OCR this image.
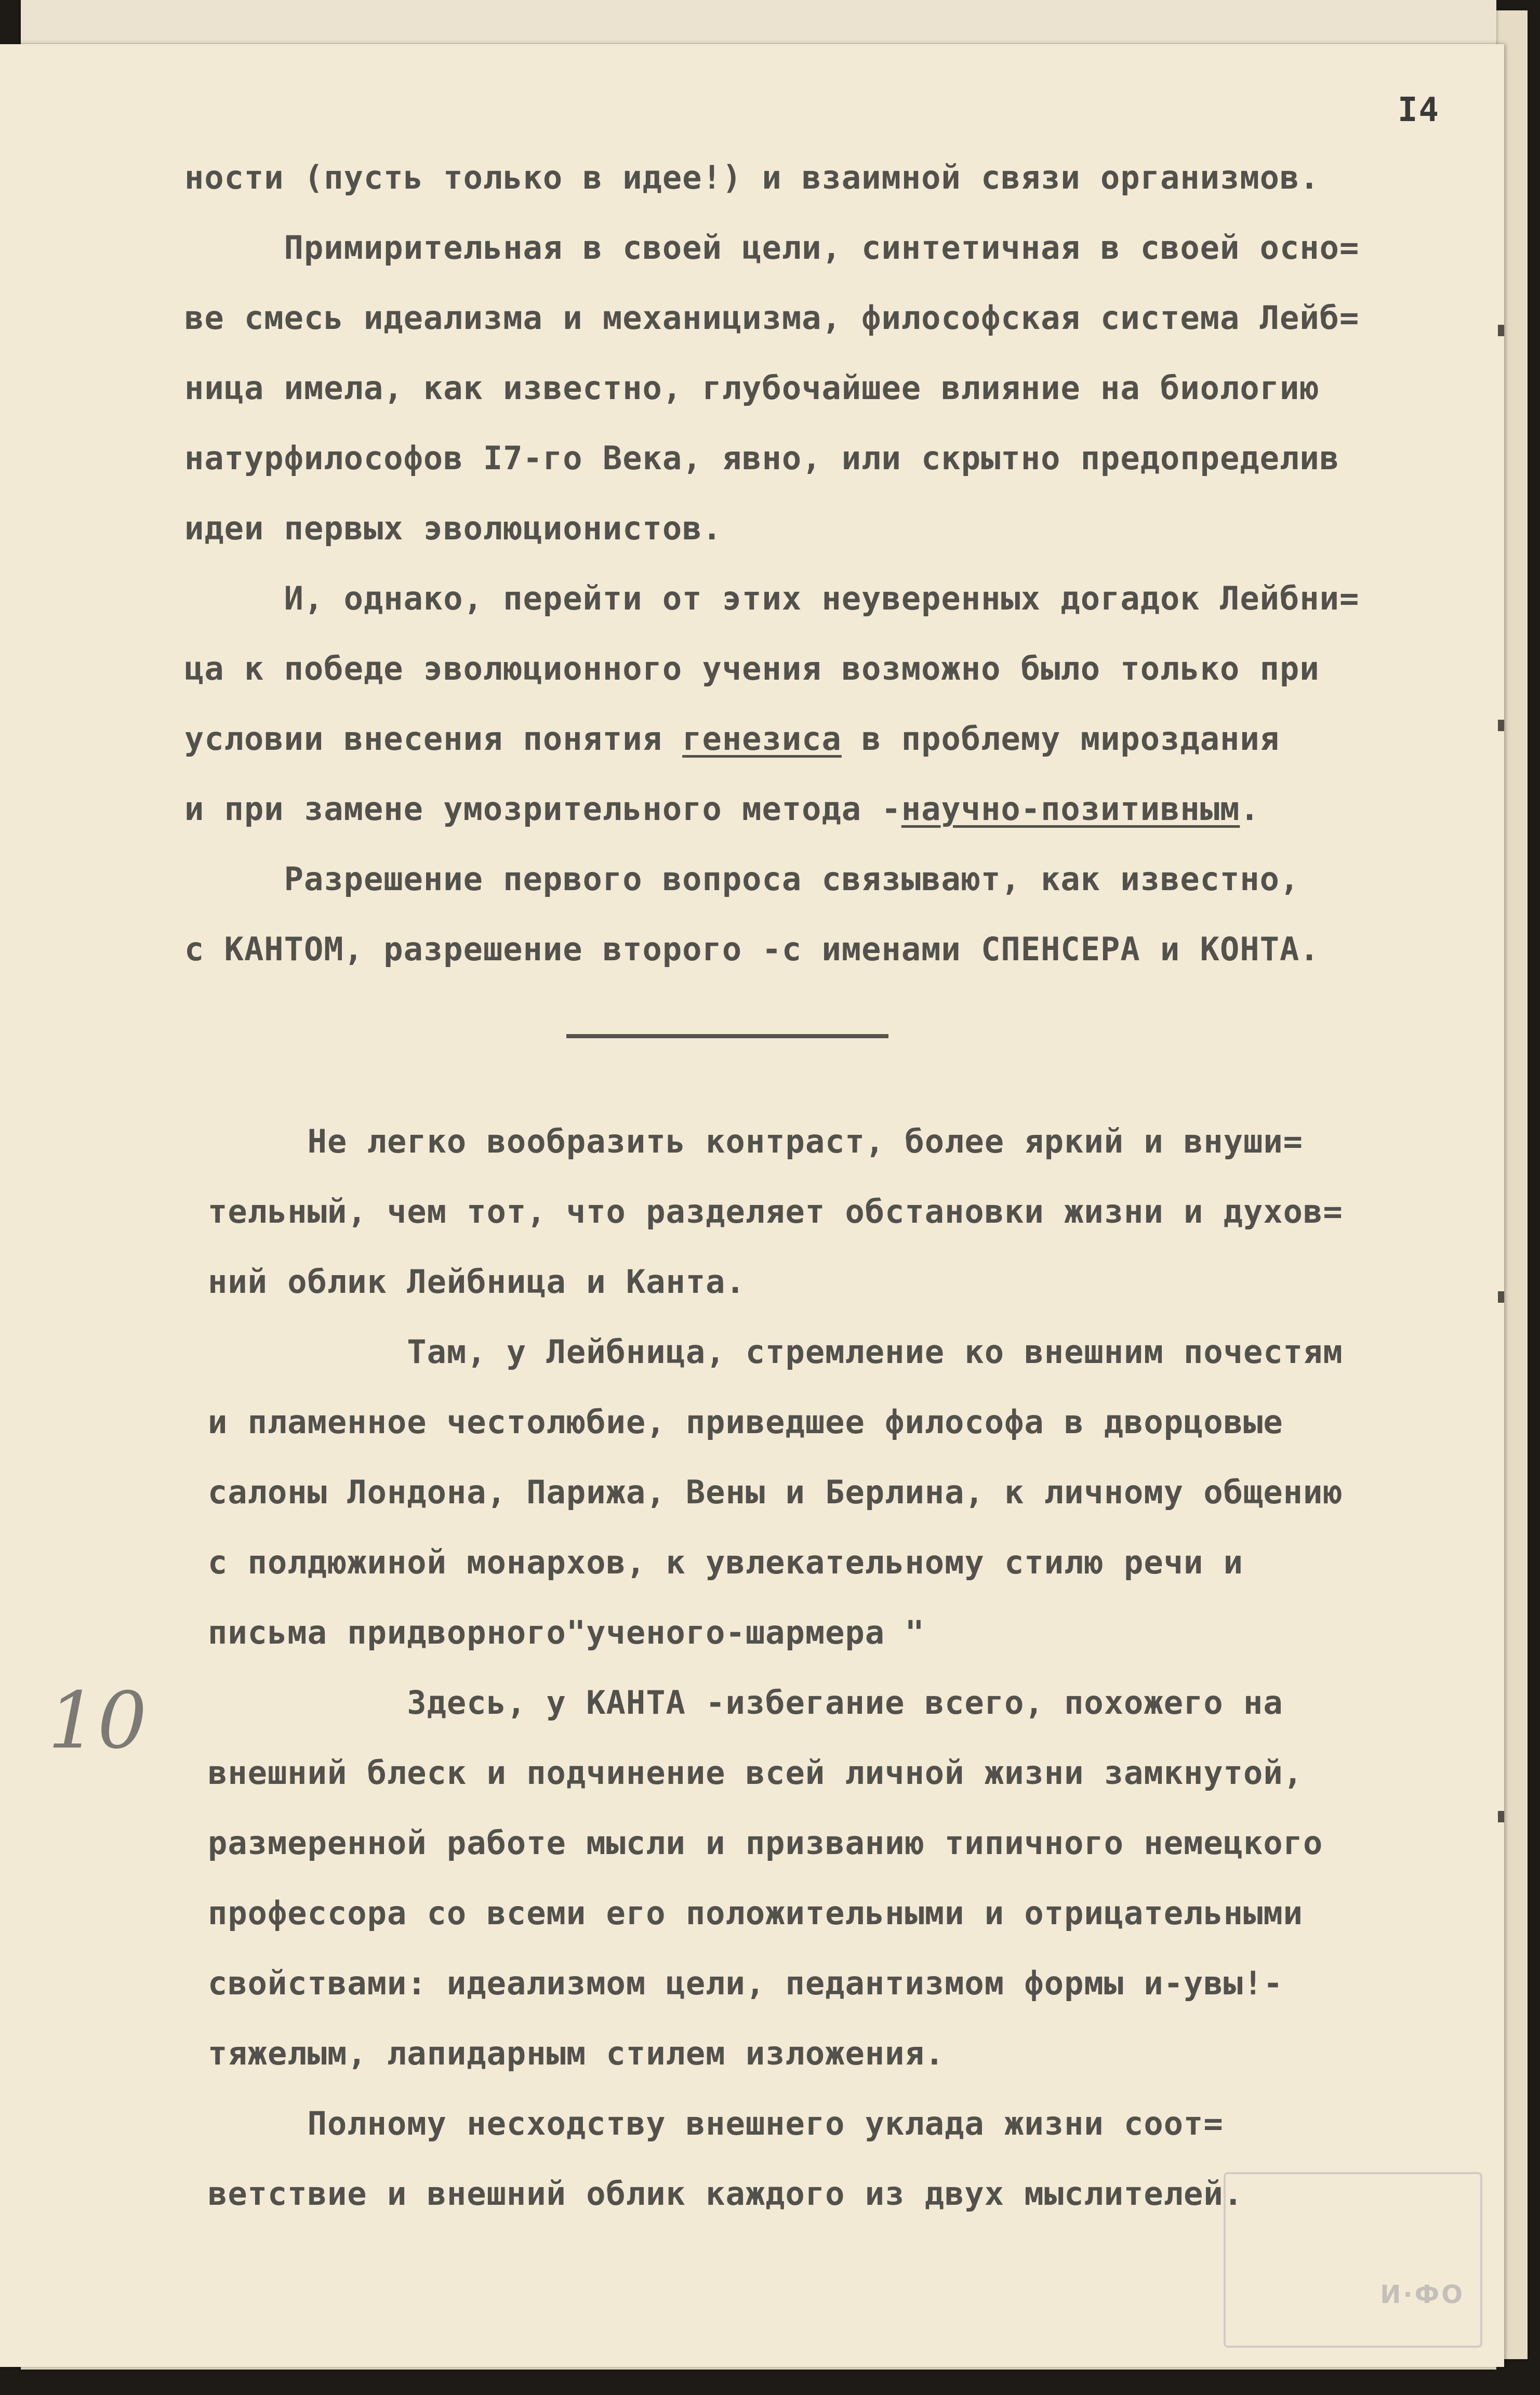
I4
ности (пусть только в идее!) и взаимной связи организмов.
Примирительная в своей цели, синтетичная в своей осно=
ве смесь идеализма и механицизма, философская система Лейб=
ница имела, как известно, глубочайшее влияние на биологию
натурфилософов I7-го Века, явно, или скрытно предопределив
идеи первых эволюционистов.
И, однако, перейти от этих неуверенных догадок Лейбни=
ца к победе эволюционного учения возможно было только при
условии внесения понятия генезиса в проблему мироздания
и при замене умозрительного метода -научно-позитивным.
Разрешение первого вопроса связывают, как известно,
с КАНТОМ, разрешение второго -с именами СПЕНСЕРА и КОНТА.
Не легко вообразить контраст, более яркий и внуши=
тельный, чем тот, что разделяет обстановки жизни и духов=
ний облик Лейбница и Канта.
Там, у Лейбница, стремление ко внешним почестям
и пламенное честолюбие, приведшее философа в дворцовые
салоны Лондона, Парижа, Вены и Берлина, к личному общению
с полдюжиной монархов, к увлекательному стилю речи и
письма придворного"ученого-шармера "
Здесь, у КАНТА -избегание всего, похожего на
внешний блеск и подчинение всей личной жизни замкнутой,
размеренной работе мысли и призванию типичного немецкого
профессора со всеми его положительными и отрицательными
свойствами: идеализмом цели, педантизмом формы и-увы!-
тяжелым, лапидарным стилем изложения.
Полному несходству внешнего уклада жизни соот=
ветствие и внешний облик каждого из двух мыслителей.
10
И·ФО
